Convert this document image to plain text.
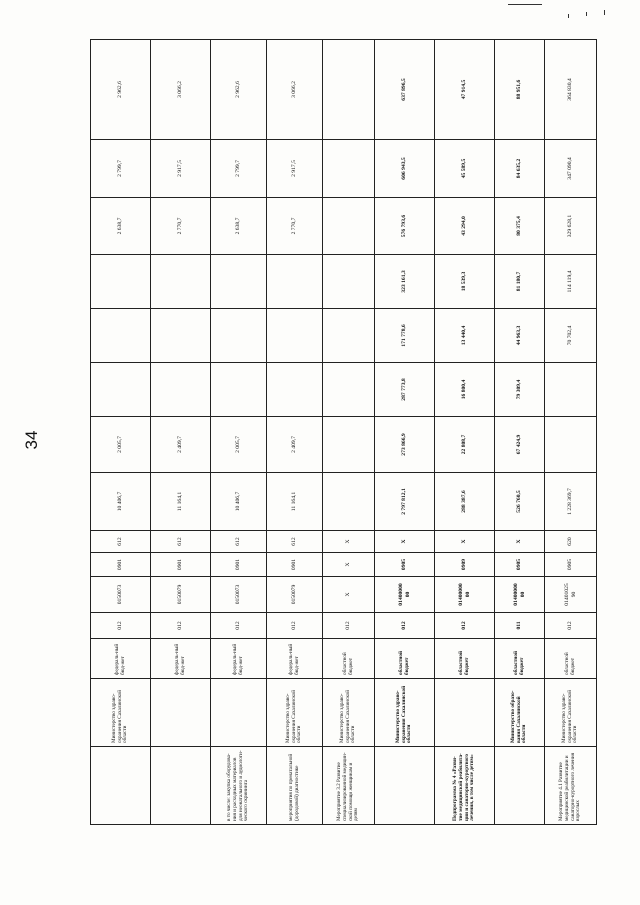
34
	Министерство здраво-охранения Сахалинской области	федераль-ный бюд-жет	012	0150073	0901	612	10 406,7	2 005,7				2 638,7	2 799,7	2 962,6
		федераль-ный бюд-жет	012	0150079	0901	612	11 164,1	2 409,7				2 770,7	2 917,5	3 066,2
в то числе: закупка оборудова-ния и расходных материалов для неонатального и аудиологи-ческого скрининга		федераль-ный бюд-жет	012	0150073	0901	612	10 406,7	2 005,7				2 638,7	2 799,7	2 962,6
мероприятия по пренатальной (дородовой) диагностике	Министерство здраво-охранения Сахалинской области	федераль-ный бюд-жет	012	0150079	0901	612	11 164,1	2 409,7				2 770,7	2 917,5	3 066,2
Мероприятие 3.2 Развитие специализированной медицин-ской помощи женщинам и детям	Министерство здраво-охранения Сахалинской области	областной бюджет	012	X	X	X								
	Министерство здраво-охранения Сахалинской области	областной бюджет	012	01400000 00	0905	X	2 797 812,1	273 866,9	287 773,8	171 778,6	323 161,3	576 793,6	606 943,5	637 896,5
Подпрограмма № 4 «Разви-тие медицинской реабилита-ции и санаторно-курортного лечения, в том числе детям»		областной бюджет	012	01400000 00	0909	X	288 387,6	22 808,7	16 800,4	13 440,4	18 539,3	43 294,0	45 589,5	47 914,5
	Министерство образо-вания Сахалинской области	областной бюджет	011	01400000 00	0905	X	526 760,5	67 424,9	79 309,4	44 963,3	81 180,7	80 375,4	84 635,2	88 951,6
Мероприятие 4.1 Развитие медицинской реабилитации и санаторно-курортного лечения взрослых	Министерство здраво-охранения Сахалинской области	областной бюджет	012	01401025 90	0905	620	1 228 369,7			70 702,4	114 119,4	329 628,1	347 090,4	364 830,4
